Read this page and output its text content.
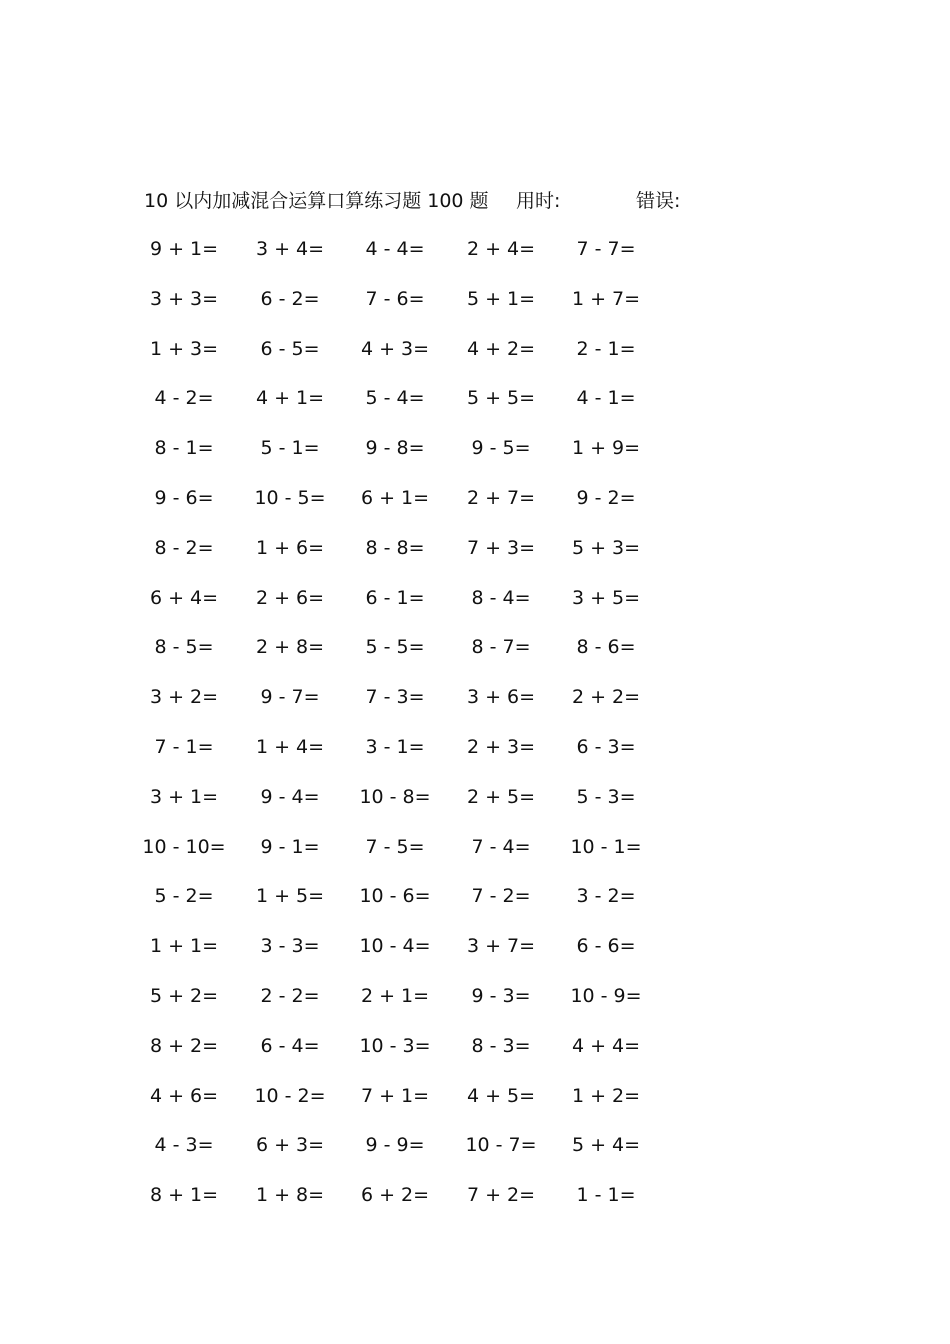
10 以内加减混合运算口算练习题 100 题 用时:	错误:
9 + 1=	3 + 4=	4 - 4=	2 + 4=	7 - 7=
3 + 3=	6 - 2=	7 - 6=	5 + 1=	1 + 7=
1 + 3=	6 - 5=	4 + 3=	4 + 2=	2 - 1=
4 - 2=	4 + 1=	5 - 4=	5 + 5=	4 - 1=
8 - 1=	5 - 1=	9 - 8=	9 - 5=	1 + 9=
9 - 6=	10 - 5=	6 + 1=	2 + 7=	9 - 2=
8 - 2=	1 + 6=	8 - 8=	7 + 3=	5 + 3=
6 + 4=	2 + 6=	6 - 1=	8 - 4=	3 + 5=
8 - 5=	2 + 8=	5 - 5=	8 - 7=	8 - 6=
3 + 2=	9 - 7=	7 - 3=	3 + 6=	2 + 2=
7 - 1=	1 + 4=	3 - 1=	2 + 3=	6 - 3=
3 + 1=	9 - 4=	10 - 8=	2 + 5=	5 - 3=
10 - 10=	9 - 1=	7 - 5=	7 - 4=	10 - 1=
5 - 2=	1 + 5=	10 - 6=	7 - 2=	3 - 2=
1 + 1=	3 - 3=	10 - 4=	3 + 7=	6 - 6=
5 + 2=	2 - 2=	2 + 1=	9 - 3=	10 - 9=
8 + 2=	6 - 4=	10 - 3=	8 - 3=	4 + 4=
4 + 6=	10 - 2=	7 + 1=	4 + 5=	1 + 2=
4 - 3=	6 + 3=	9 - 9=	10 - 7=	5 + 4=
8 + 1=	1 + 8=	6 + 2=	7 + 2=	1 - 1=
